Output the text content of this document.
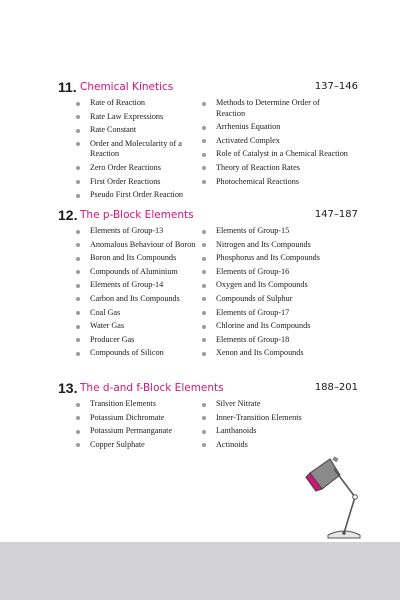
11. Chemical Kinetics	137–146
Rate of Reaction
Rate Law Expressions
Rate Constant
Order and Molecularity of a Reaction
Zero Order Reactions
First Order Reactions
Pseudo First Order Reaction
Methods to Determine Order of Reaction
Arrhenius Equation
Activated Complex
Role of Catalyst in a Chemical Reaction
Theory of Reaction Rates
Photochemical Reactions
12. The p-Block Elements	147–187
Elements of Group-13
Anomalous Behaviour of Boron
Boron and Its Compounds
Compounds of Aluminium
Elements of Group-14
Carbon and Its Compounds
Coal Gas
Water Gas
Producer Gas
Compounds of Silicon
Elements of Group-15
Nitrogen and Its Compounds
Phosphorus and Its Compounds
Elements of Group-16
Oxygen and Its Compounds
Compounds of Sulphur
Elements of Group-17
Chlorine and Its Compounds
Elements of Group-18
Xenon and Its Compounds
13. The d-and f-Block Elements	188–201
Transition Elements
Potassium Dichromate
Potassium Permanganate
Copper Sulphate
Silver Nitrate
Inner-Transition Elements
Lanthanoids
Actinoids
